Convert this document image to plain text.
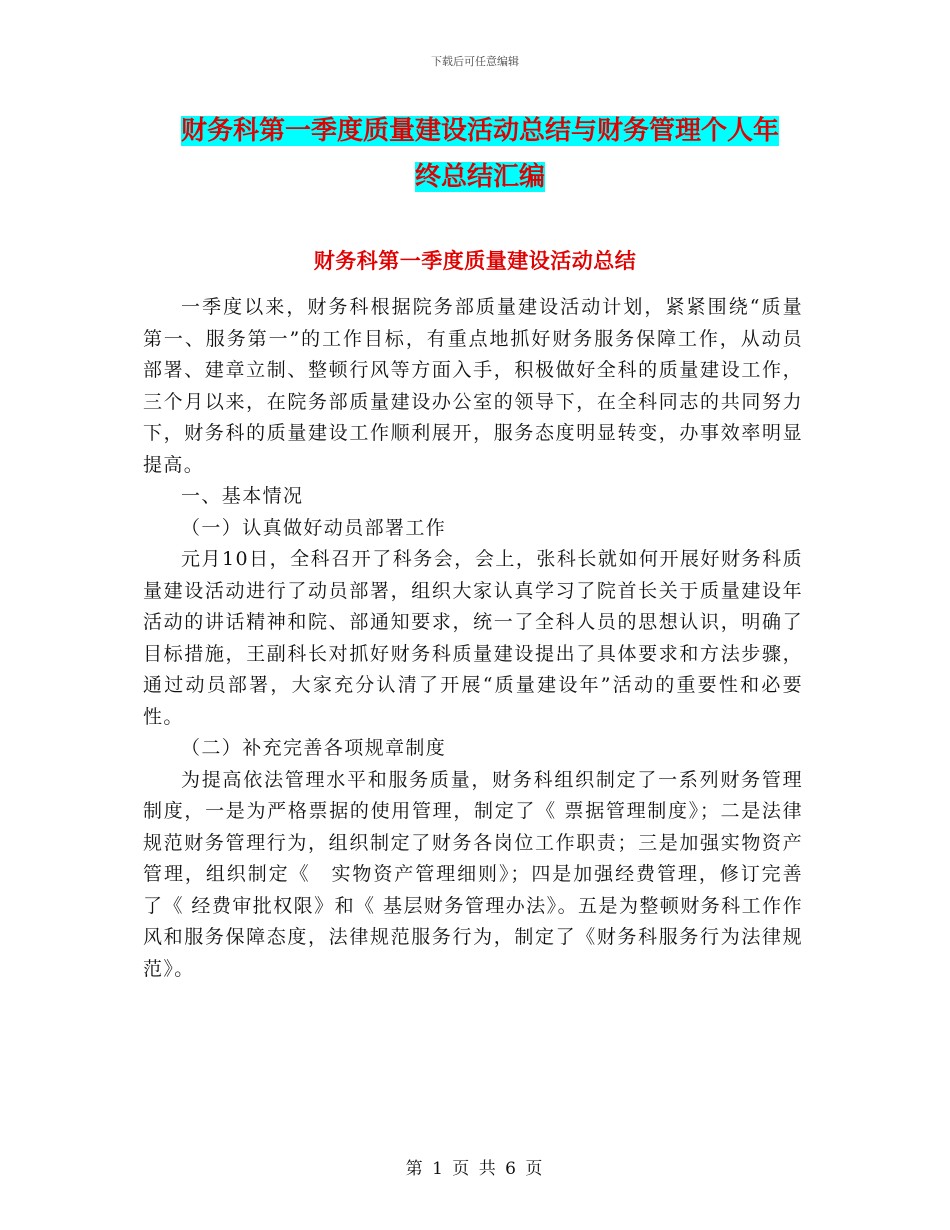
下载后可任意编辑
财务科第一季度质量建设活动总结与财务管理个人年
终总结汇编
财务科第一季度质量建设活动总结

一季度以来，财务科根据院务部质量建设活动计划，紧紧围绕“质量第一、服务第一”的工作目标，有重点地抓好财务服务保障工作，从动员部署、建章立制、整顿行风等方面入手，积极做好全科的质量建设工作，三个月以来，在院务部质量建设办公室的领导下，在全科同志的共同努力下，财务科的质量建设工作顺利展开，服务态度明显转变，办事效率明显提高。

一、基本情况

（一）认真做好动员部署工作

元月10日，全科召开了科务会，会上，张科长就如何开展好财务科质量建设活动进行了动员部署，组织大家认真学习了院首长关于质量建设年活动的讲话精神和院、部通知要求，统一了全科人员的思想认识，明确了目标措施，王副科长对抓好财务科质量建设提出了具体要求和方法步骤，通过动员部署，大家充分认清了开展“质量建设年”活动的重要性和必要性。

（二）补充完善各项规章制度

为提高依法管理水平和服务质量，财务科组织制定了一系列财务管理制度，一是为严格票据的使用管理，制定了《 票据管理制度》；二是法律规范财务管理行为，组织制定了财务各岗位工作职责；三是加强实物资产管理，组织制定《　实物资产管理细则》；四是加强经费管理，修订完善了《 经费审批权限》和《 基层财务管理办法》。五是为整顿财务科工作作风和服务保障态度，法律规范服务行为，制定了《财务科服务行为法律规范》。

第 1 页 共 6 页
